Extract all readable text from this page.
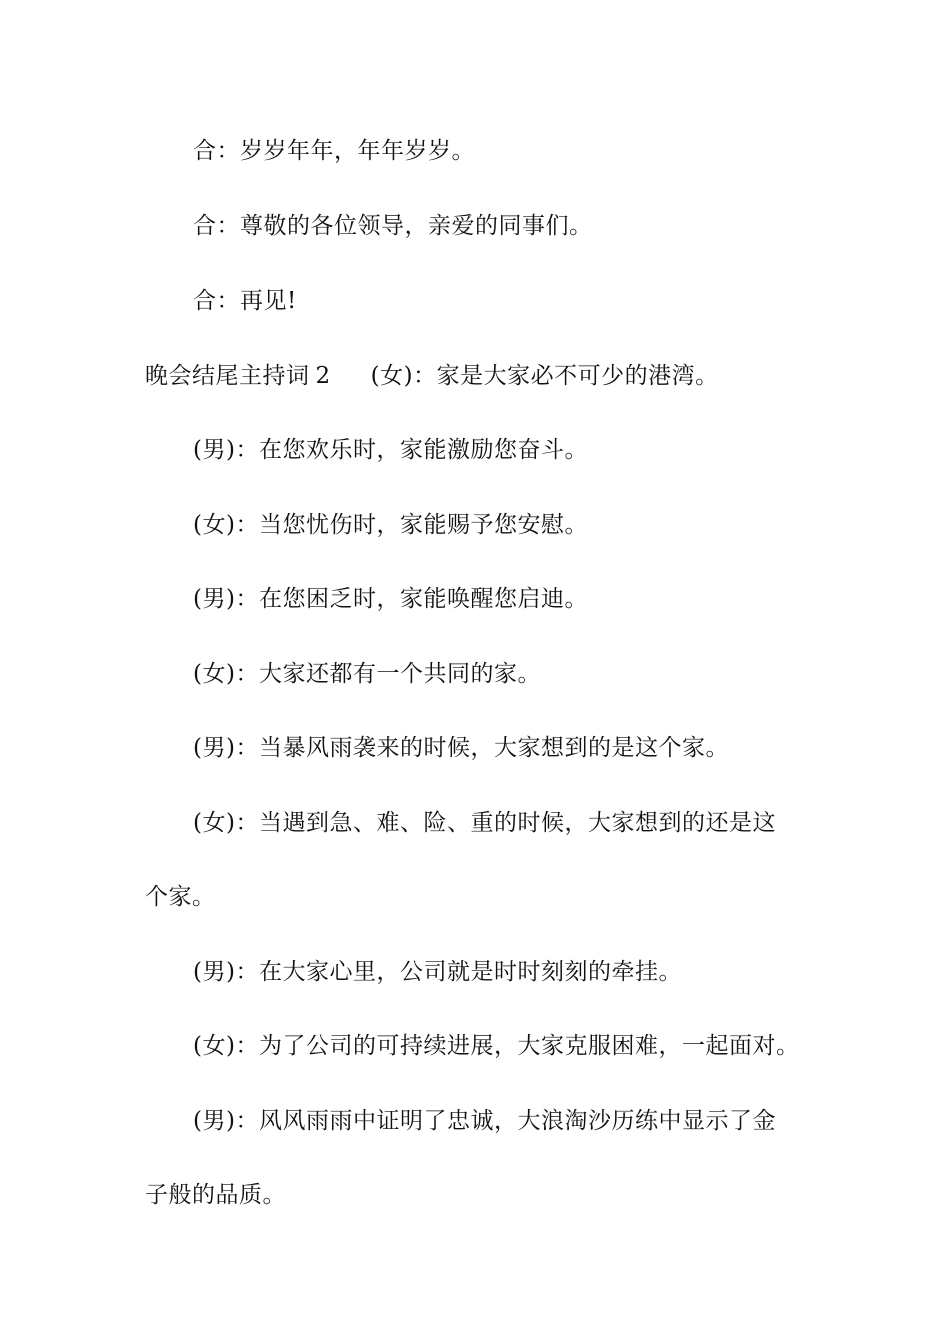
合：岁岁年年，年年岁岁。
合：尊敬的各位领导，亲爱的同事们。
合：再见!
晚会结尾主持词 2 (女)：家是大家必不可少的港湾。
(男)：在您欢乐时，家能激励您奋斗。
(女)：当您忧伤时，家能赐予您安慰。
(男)：在您困乏时，家能唤醒您启迪。
(女)：大家还都有一个共同的家。
(男)：当暴风雨袭来的时候，大家想到的是这个家。
(女)：当遇到急、难、险、重的时候，大家想到的还是这
个家。
(男)：在大家心里，公司就是时时刻刻的牵挂。
(女)：为了公司的可持续进展，大家克服困难，一起面对。
(男)：风风雨雨中证明了忠诚，大浪淘沙历练中显示了金
子般的品质。
